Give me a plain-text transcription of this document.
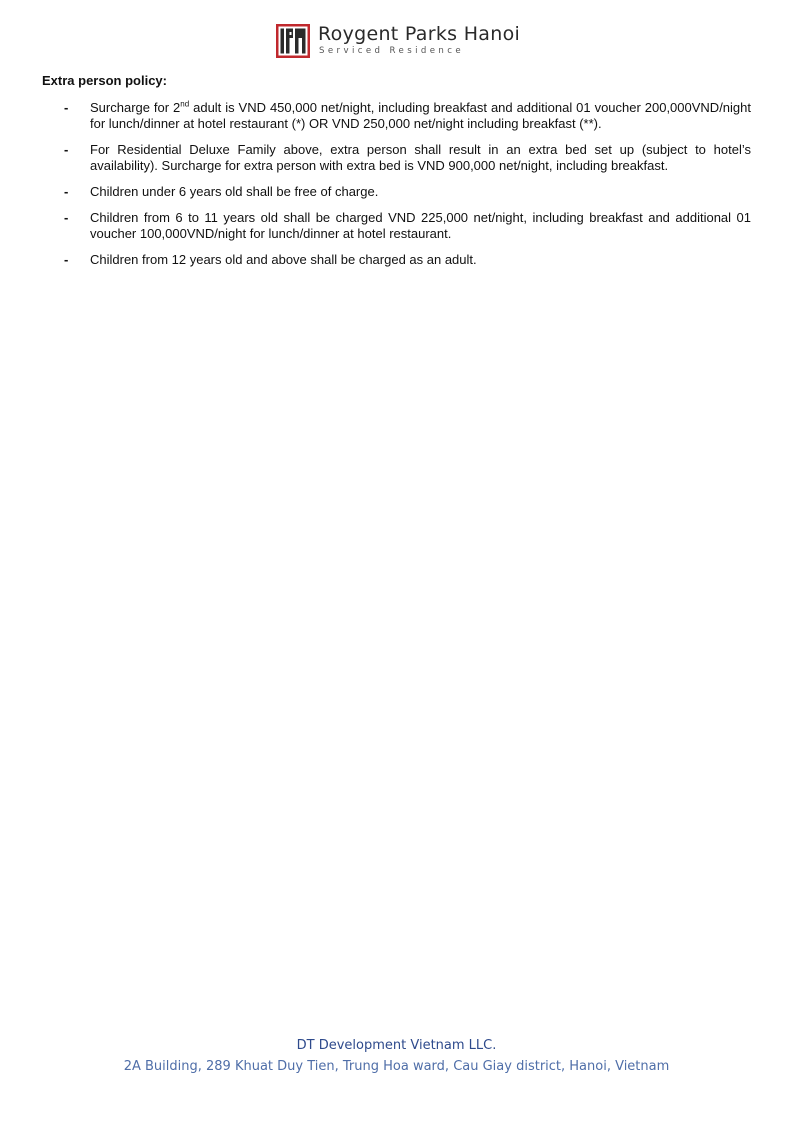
Roygent Parks Hanoi
Serviced Residence
Extra person policy:
- Surcharge for 2nd adult is VND 450,000 net/night, including breakfast and additional 01 voucher 200,000VND/night for lunch/dinner at hotel restaurant (*) OR VND 250,000 net/night including breakfast (**).
- For Residential Deluxe Family above, extra person shall result in an extra bed set up (subject to hotel’s availability). Surcharge for extra person with extra bed is VND 900,000 net/night, including breakfast.
- Children under 6 years old shall be free of charge.
- Children from 6 to 11 years old shall be charged VND 225,000 net/night, including breakfast and additional 01 voucher 100,000VND/night for lunch/dinner at hotel restaurant.
- Children from 12 years old and above shall be charged as an adult.
DT Development Vietnam LLC.
2A Building, 289 Khuat Duy Tien, Trung Hoa ward, Cau Giay district, Hanoi, Vietnam
